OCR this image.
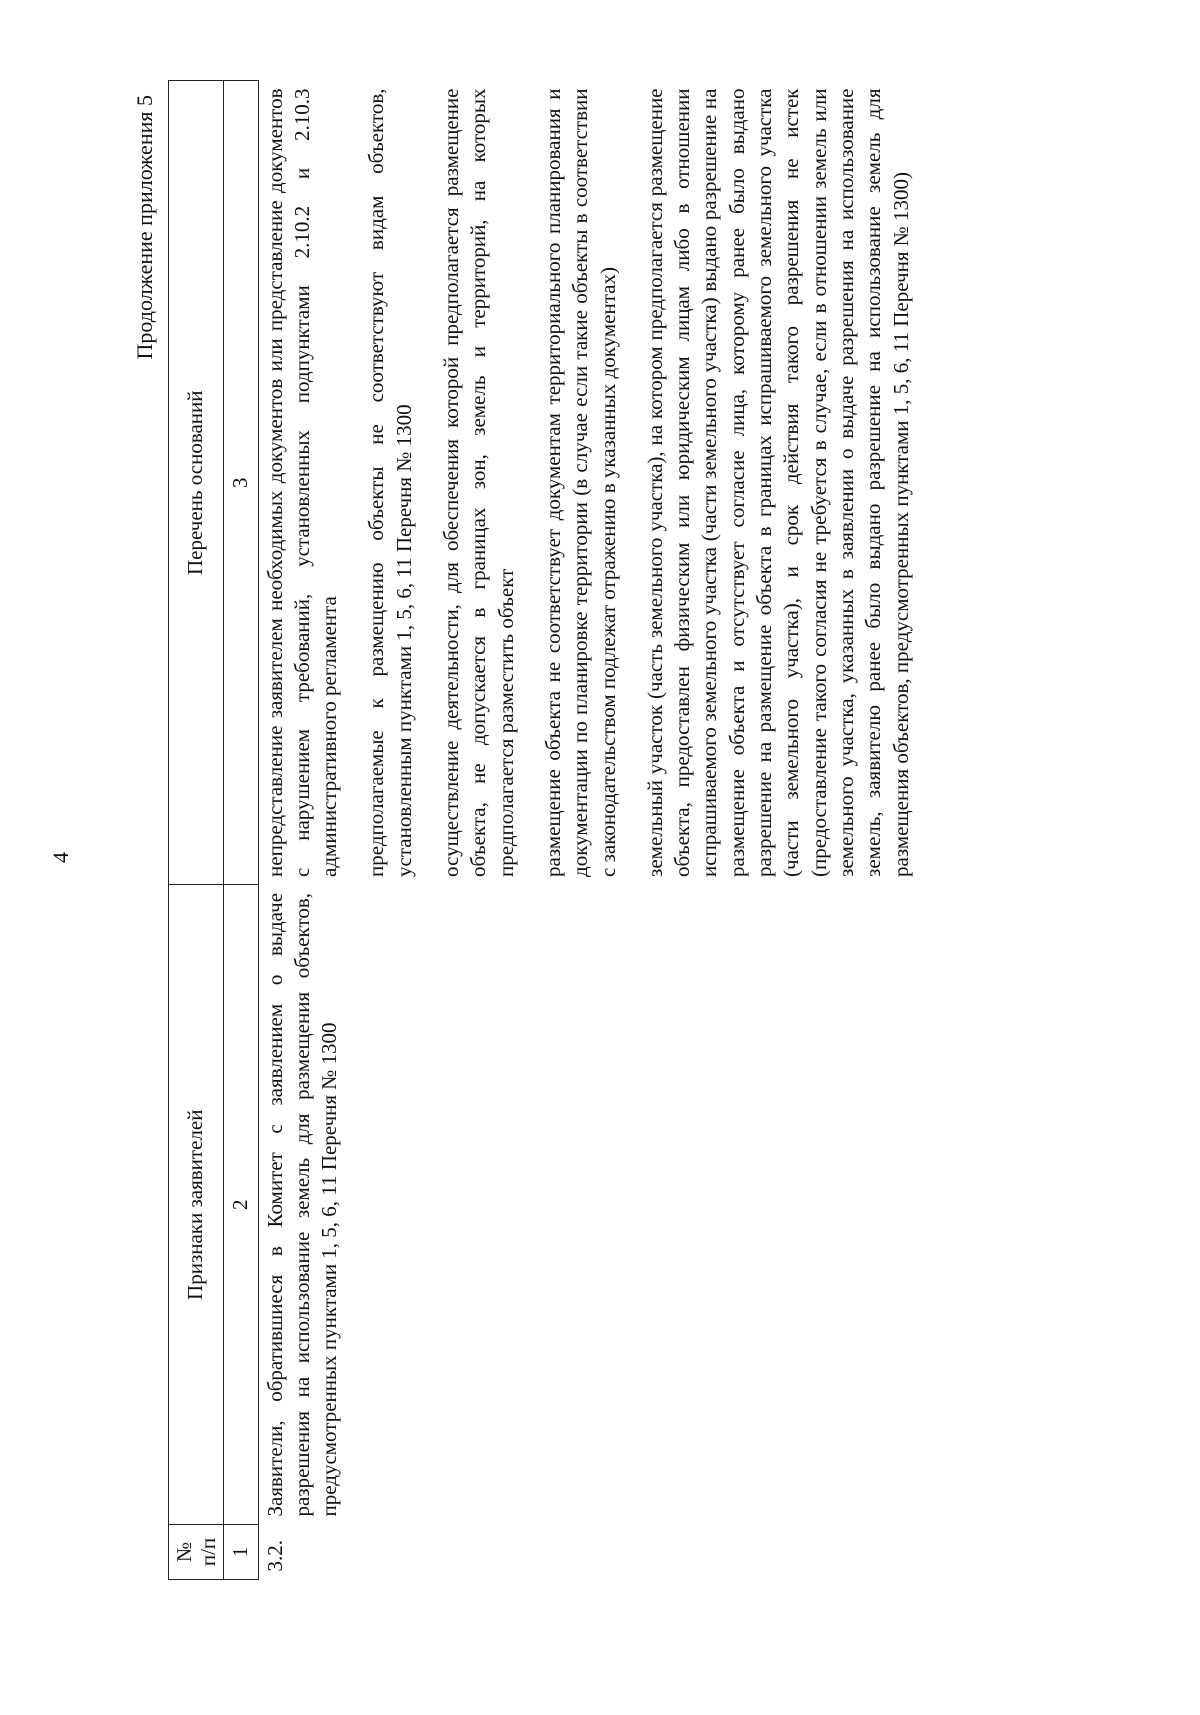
4
Продолжение приложения 5
№ п/п	Признаки заявителей	Перечень оснований
1	2	3
3.2.	Заявители, обратившиеся в Комитет с заявлением о выдаче разрешения на использование земель для размещения объектов, предусмотренных пунктами 1, 5, 6, 11 Перечня № 1300	непредставление заявителем необходимых документов или представление документов с нарушением требований, установленных подпунктами 2.10.2 и 2.10.3 административного регламента предполагаемые к размещению объекты не соответствуют видам объектов, установленным пунктами 1, 5, 6, 11 Перечня № 1300 осуществление деятельности, для обеспечения которой предполагается размещение объекта, не допускается в границах зон, земель и территорий, на которых предполагается разместить объект размещение объекта не соответствует документам территориального планирования и документации по планировке территории (в случае если такие объекты в соответствии с законодательством подлежат отражению в указанных документах) земельный участок (часть земельного участка), на котором предполагается размещение объекта, предоставлен физическим или юридическим лицам либо в отношении испрашиваемого земельного участка (части земельного участка) выдано разрешение на размещение объекта и отсутствует согласие лица, которому ранее было выдано разрешение на размещение объекта в границах испрашиваемого земельного участка (части земельного участка), и срок действия такого разрешения не истек (предоставление такого согласия не требуется в случае, если в отношении земель или земельного участка, указанных в заявлении о выдаче разрешения на использование земель, заявителю ранее было выдано разрешение на использование земель для размещения объектов, предусмотренных пунктами 1, 5, 6, 11 Перечня № 1300)
